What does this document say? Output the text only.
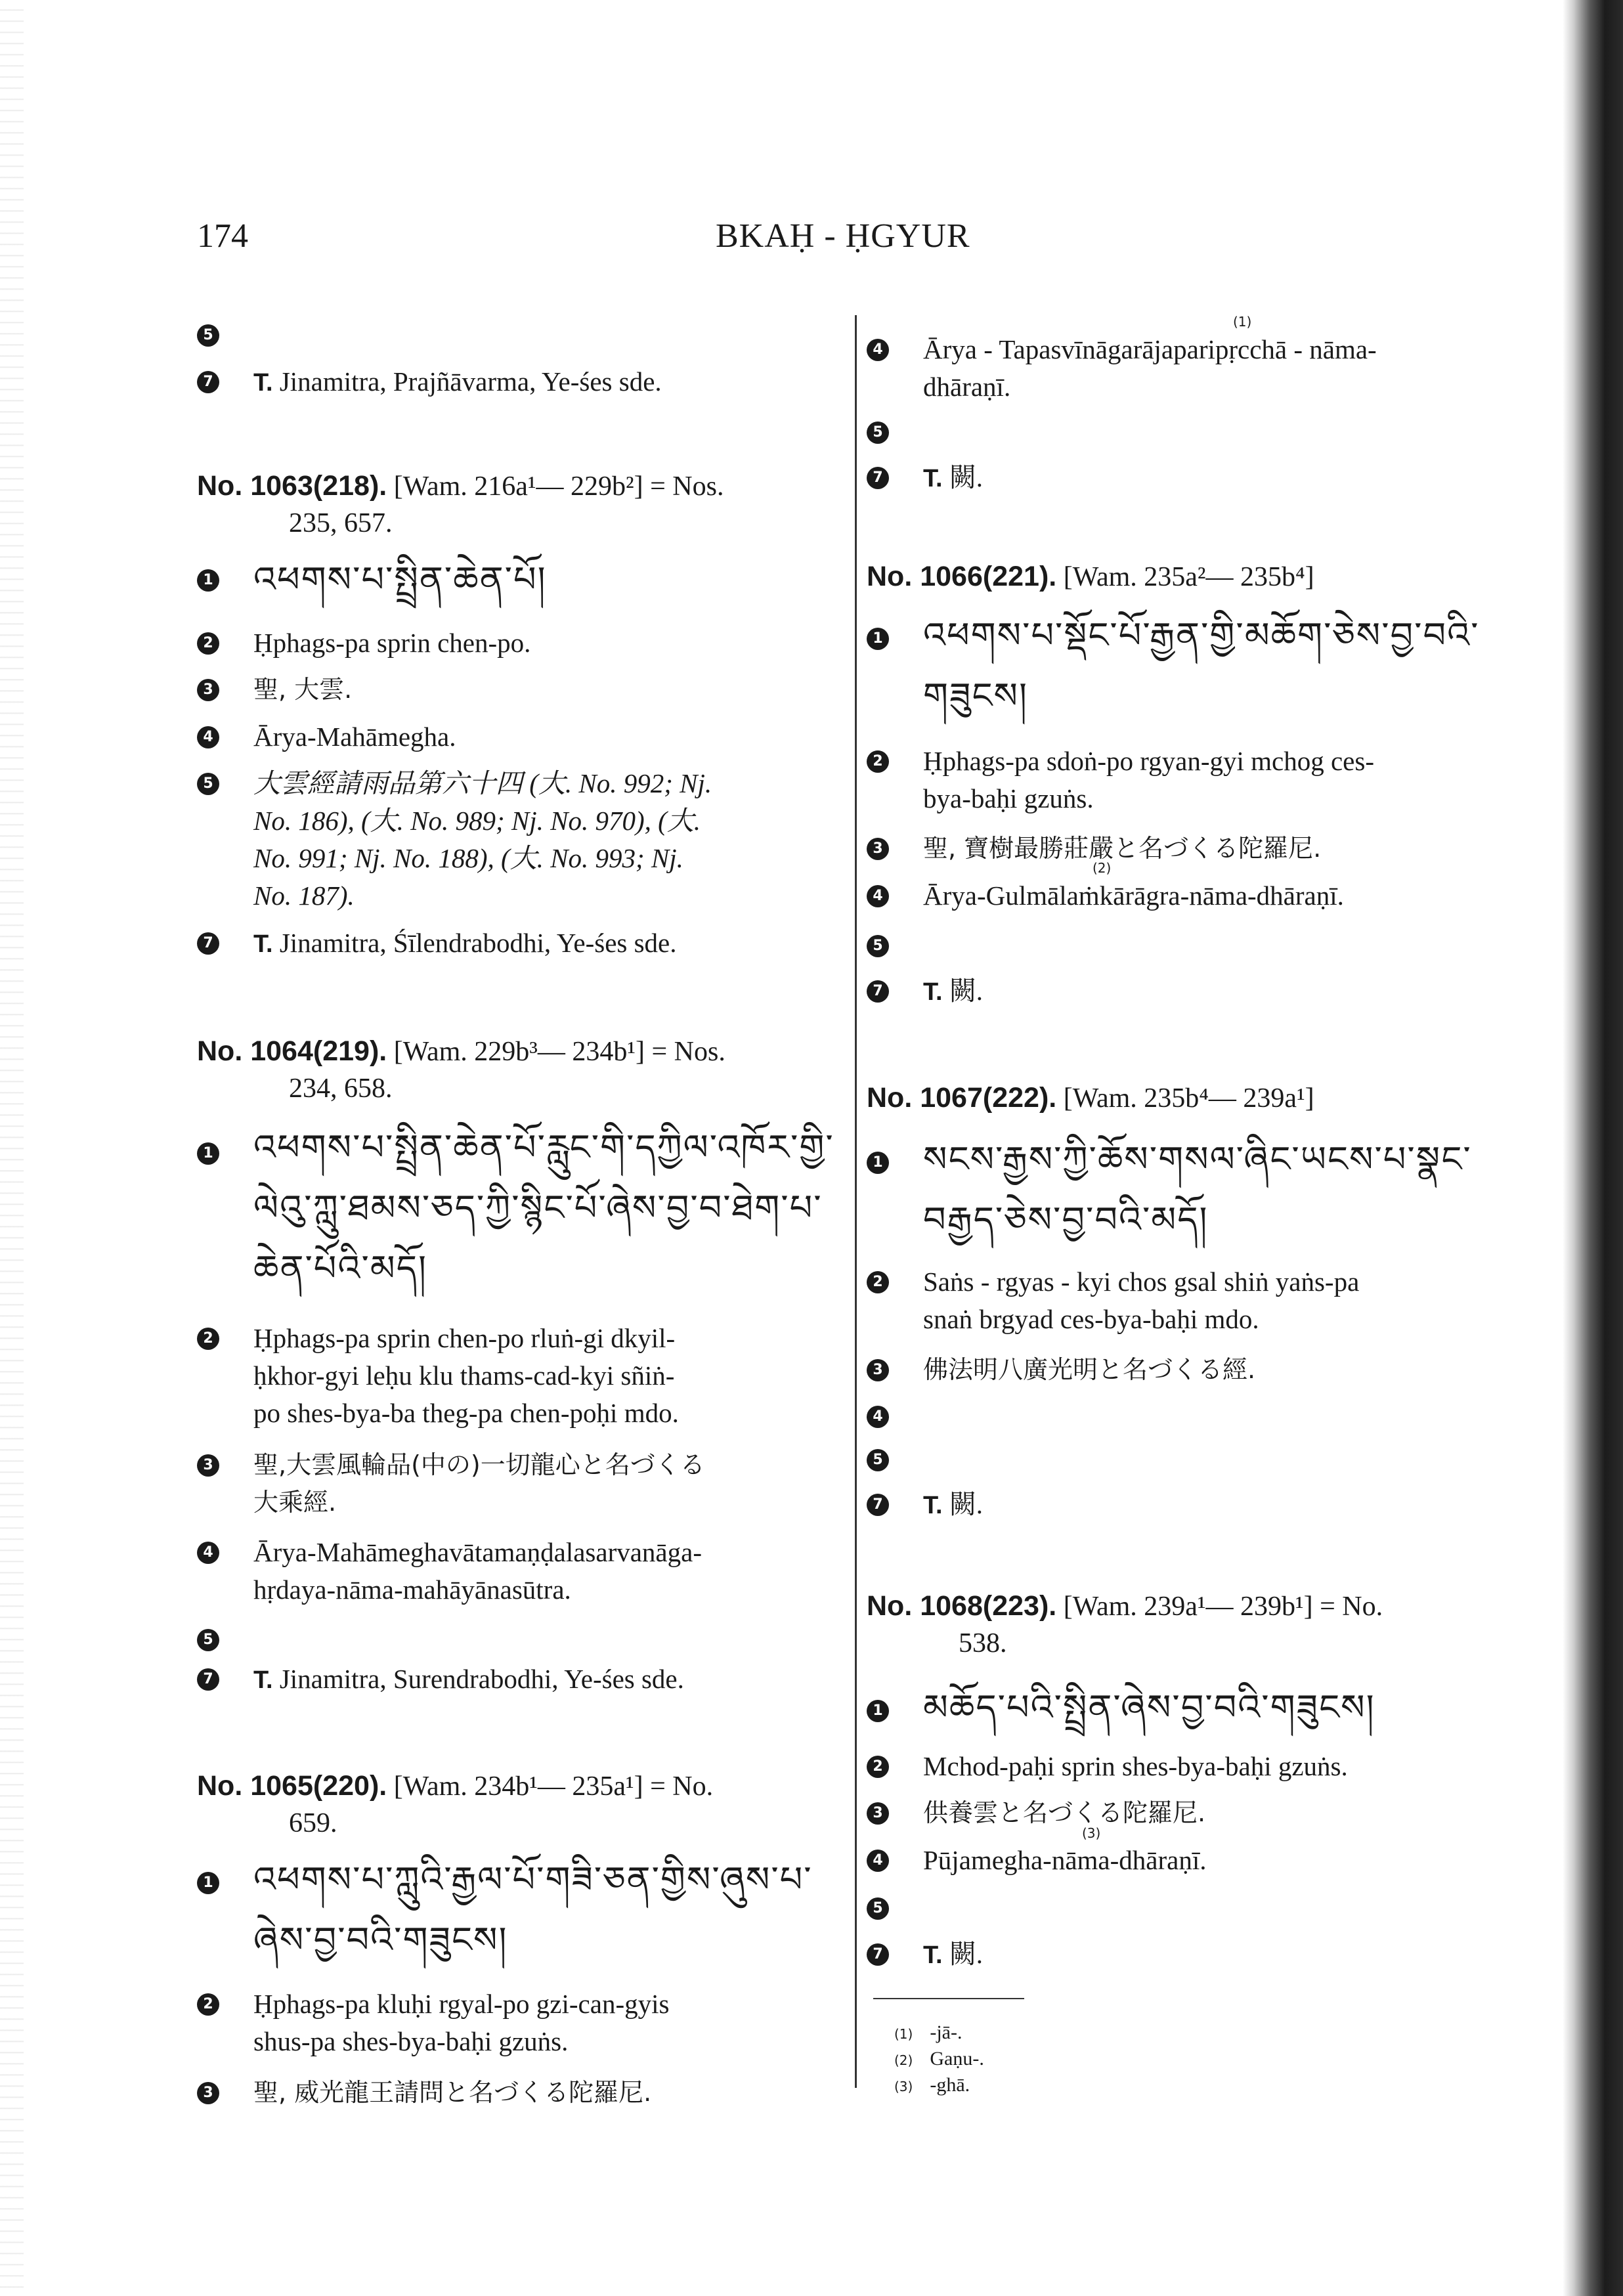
174	BKAḤ - ḤGYUR
5
7 T. Jinamitra, Prajñāvarma, Ye-śes sde.
No. 1063(218). [Wam. 216a¹— 229b²] = Nos.
235, 657.
1 འཕགས་པ་སྤྲིན་ཆེན་པོ།
2 Ḥphags-pa sprin chen-po.
3 聖, 大雲.
4 Ārya-Mahāmegha.
5 大雲經請雨品第六十四 (大. No. 992; Nj.
No. 186), (大. No. 989; Nj. No. 970), (大.
No. 991; Nj. No. 188), (大. No. 993; Nj.
No. 187).
7 T. Jinamitra, Śīlendrabodhi, Ye-śes sde.
No. 1064(219). [Wam. 229b³— 234b¹] = Nos.
234, 658.
1 འཕགས་པ་སྤྲིན་ཆེན་པོ་རླུང་གི་དཀྱིལ་འཁོར་གྱི་
ལེའུ་ཀླུ་ཐམས་ཅད་ཀྱི་སྙིང་པོ་ཞེས་བྱ་བ་ཐེག་པ་
ཆེན་པོའི་མདོ།
2 Ḥphags-pa sprin chen-po rluṅ-gi dkyil-
ḥkhor-gyi leḥu klu thams-cad-kyi sñiṅ-
po shes-bya-ba theg-pa chen-poḥi mdo.
3 聖,大雲風輪品(中の)一切龍心と名づくる
大乘經.
4 Ārya-Mahāmeghavātamaṇḍalasarvanāga-
hṛdaya-nāma-mahāyānasūtra.
5
7 T. Jinamitra, Surendrabodhi, Ye-śes sde.
No. 1065(220). [Wam. 234b¹— 235a¹] = No.
659.
1 འཕགས་པ་ཀླུའི་རྒྱལ་པོ་གཟི་ཅན་གྱིས་ཞུས་པ་
ཞེས་བྱ་བའི་གཟུངས།
2 Ḥphags-pa kluḥi rgyal-po gzi-can-gyis
shus-pa shes-bya-baḥi gzuṅs.
3 聖, 威光龍王請問と名づくる陀羅尼.
(1)
4 Ārya - Tapasvīnāgarājaparipṛcchā - nāma-
dhāraṇī.
5
7 T. 闕.
No. 1066(221). [Wam. 235a²— 235b⁴]
1 འཕགས་པ་སྡོང་པོ་རྒྱན་གྱི་མཆོག་ཅེས་བྱ་བའི་
གཟུངས།
2 Ḥphags-pa sdoṅ-po rgyan-gyi mchog ces-
bya-baḥi gzuṅs.
3 聖, 寶樹最勝莊嚴と名づくる陀羅尼.
(2)
4 Ārya-Gulmālaṁkārāgra-nāma-dhāraṇī.
5
7 T. 闕.
No. 1067(222). [Wam. 235b⁴— 239a¹]
1 སངས་རྒྱས་ཀྱི་ཆོས་གསལ་ཞིང་ཡངས་པ་སྣང་
བརྒྱད་ཅེས་བྱ་བའི་མདོ།
2 Saṅs - rgyas - kyi chos gsal shiṅ yaṅs-pa
snaṅ brgyad ces-bya-baḥi mdo.
3 佛法明八廣光明と名づくる經.
4
5
7 T. 闕.
No. 1068(223). [Wam. 239a¹— 239b¹] = No.
538.
1 མཆོད་པའི་སྤྲིན་ཞེས་བྱ་བའི་གཟུངས།
2 Mchod-paḥi sprin shes-bya-baḥi gzuṅs.
3 供養雲と名づくる陀羅尼.
(3)
4 Pūjamegha-nāma-dhāraṇī.
5
7 T. 闕.
(1) -jā-.
(2) Gaṇu-.
(3) -ghā.
